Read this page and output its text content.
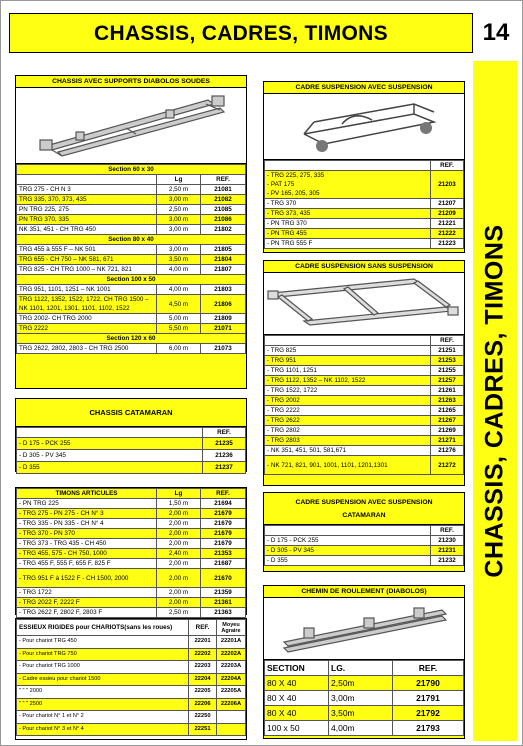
CHASSIS, CADRES, TIMONS	14
CHASSIS, CADRES, TIMONS
CHASSIS AVEC SUPPORTS DIABOLOS SOUDES
Section 60 x 30		
	Lg	REF.
TRG 275 - CH N 3	2,50 m	21081
TRG 335, 370, 373, 435	3,00 m	21082
PN TRG 225, 275	2,50 m	21085
PN TRG 370, 335	3,00 m	21086
NK 351, 451 - CH TRG 450	3,00 m	21802
Section 80 x 40		
TRG 455 à 555 F – NK 501	3,00 m	21805
TRG 655 - CH 750 – NK 581, 671	3,50 m	21804
TRG 825 - CH TRG 1000 – NK 721, 821	4,00 m	21807
Section 100 x 50		
TRG 951, 1101, 1251 – NK 1001	4,00 m	21803
TRG 1122, 1352, 1522, 1722, CH TRG 1500 – NK 1101, 1201, 1301, 1101, 1102, 1522	4,50 m	21806
TRG 2002- CH TRG 2000	5,00 m	21809
TRG 2222	5,50 m	21071
Section 120 x 60		
TRG 2622, 2802, 2803 - CH TRG 2500	6,00 m	21073
CHASSIS CATAMARAN
	REF.
- D 175 - PCK 255	21235
- D 305 - PV 345	21236
- D 355	21237
TIMONS ARTICULES	Lg	REF.
- PN TRG 225	1,50 m	21694
- TRG 275 - PN 275 - CH N° 3	2,00 m	21679
- TRG 335 - PN 335 - CH N° 4	2,00 m	21679
- TRG 370 - PN 370	2,00 m	21679
- TRG 373 - TRG 435 - CH 450	2,00 m	21679
- TRG 455, 575 - CH 750, 1000	2,40 m	21353
- TRG 455 F, 555 F, 655 F, 825 F	2,00 m	21687
- TRG 951 F à 1522 F - CH 1500, 2000	2,00 m	21670
- TRG 1722	2,00 m	21359
- TRG 2022 F, 2222 F	2,00 m	21361
- TRG 2622 F, 2802 F, 2803 F	2,50 m	21363
ESSIEUX RIGIDES pour CHARIOTS(sans les roues)	REF.	Moyeu Agraire
- Pour chariot TRG 450	22201	22201A
- Pour chariot TRG 750	22202	22202A
- Pour chariot TRG 1000	22203	22203A
- Cadre essieu pour chariot 1500	22204	22204A
" " " 2000	22205	22205A
" " " 2500	22206	22206A
- Pour chariot N° 1 et N° 2	22250	
- Pour chariot N° 3 et N° 4	22251	
CADRE SUSPENSION AVEC SUSPENSION
	REF.
- TRG 225, 275, 335
- PAT 175
- PV 165, 205, 305	21203
- TRG 370	21207
- TRG 373, 435	21209
- PN TRG 370	21221
- PN TRG 455	21222
- PN TRG 555 F	21223
CADRE SUSPENSION SANS SUSPENSION
	REF.
- TRG 825	21251
- TRG 951	21253
- TRG 1101, 1251	21255
- TRG 1122, 1352 – NK 1102, 1522	21257
- TRG 1522, 1722	21261
- TRG 2002	21263
- TRG 2222	21265
- TRG 2622	21267
- TRG 2802	21269
- TRG 2803	21271
- NK 351, 451, 501, 581,671	21276
- NK 721, 821, 901, 1001, 1101, 1201,1301	21272
CADRE SUSPENSION AVEC SUSPENSION
CATAMARAN
	REF.
- D 175 - PCK 255	21230
- D 305 - PV 345	21231
- D 355	21232
CHEMIN DE ROULEMENT (DIABOLOS)
SECTION	LG.	REF.
80 X 40	2,50m	21790
80 X 40	3,00m	21791
80 X 40	3,50m	21792
100 x 50	4,00m	21793
